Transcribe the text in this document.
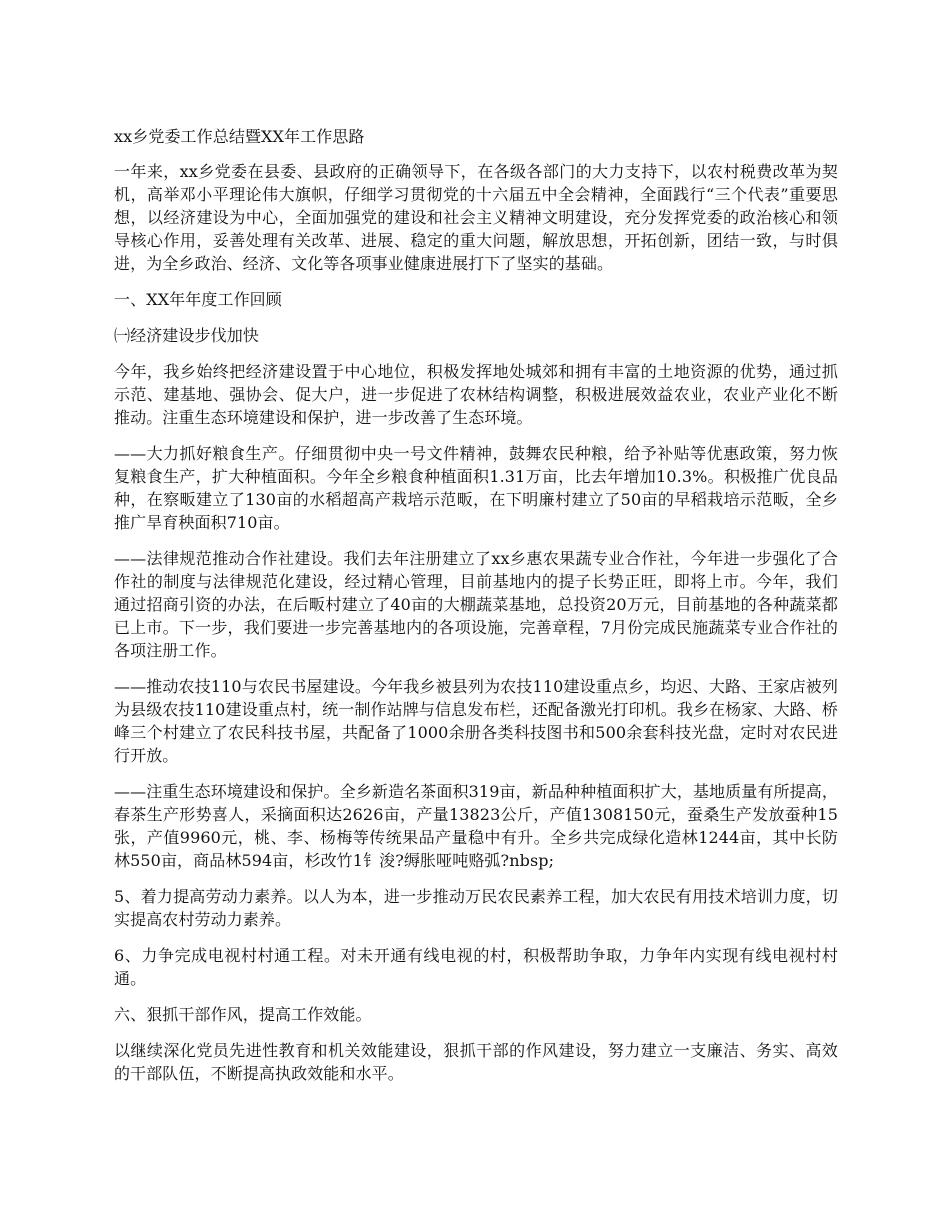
xx乡党委工作总结暨XX年工作思路

一年来，xx乡党委在县委、县政府的正确领导下，在各级各部门的大力支持下，以农村税费改革为契机，高举邓小平理论伟大旗帜，仔细学习贯彻党的十六届五中全会精神，全面践行“三个代表”重要思想，以经济建设为中心，全面加强党的建设和社会主义精神文明建设，充分发挥党委的政治核心和领导核心作用，妥善处理有关改革、进展、稳定的重大问题，解放思想，开拓创新，团结一致，与时俱进，为全乡政治、经济、文化等各项事业健康进展打下了坚实的基础。

一、XX年年度工作回顾

㈠经济建设步伐加快

今年，我乡始终把经济建设置于中心地位，积极发挥地处城郊和拥有丰富的土地资源的优势，通过抓示范、建基地、强协会、促大户，进一步促进了农林结构调整，积极进展效益农业，农业产业化不断推动。注重生态环境建设和保护，进一步改善了生态环境。

——大力抓好粮食生产。仔细贯彻中央一号文件精神，鼓舞农民种粮，给予补贴等优惠政策，努力恢复粮食生产，扩大种植面积。今年全乡粮食种植面积1.31万亩，比去年增加10.3%。积极推广优良品种，在察畈建立了130亩的水稻超高产栽培示范畈，在下明廉村建立了50亩的早稻栽培示范畈，全乡推广旱育秧面积710亩。

——法律规范推动合作社建设。我们去年注册建立了xx乡惠农果蔬专业合作社，今年进一步强化了合作社的制度与法律规范化建设，经过精心管理，目前基地内的提子长势正旺，即将上市。今年，我们通过招商引资的办法，在后畈村建立了40亩的大棚蔬菜基地，总投资20万元，目前基地的各种蔬菜都已上市。下一步，我们要进一步完善基地内的各项设施，完善章程，7月份完成民施蔬菜专业合作社的各项注册工作。

——推动农技110与农民书屋建设。今年我乡被县列为农技110建设重点乡，均迟、大路、王家店被列为县级农技110建设重点村，统一制作站牌与信息发布栏，还配备激光打印机。我乡在杨家、大路、桥峰三个村建立了农民科技书屋，共配备了1000余册各类科技图书和500余套科技光盘，定时对农民进行开放。

——注重生态环境建设和保护。全乡新造名茶面积319亩，新品种种植面积扩大，基地质量有所提高，春茶生产形势喜人，采摘面积达2626亩，产量13823公斤，产值1308150元，蚕桑生产发放蚕种15张，产值9960元，桃、李、杨梅等传统果品产量稳中有升。全乡共完成绿化造林1244亩，其中长防林550亩，商品林594亩，杉改竹1钅浚?缛胀哑吨赂弧?nbsp;

5、着力提高劳动力素养。以人为本，进一步推动万民农民素养工程，加大农民有用技术培训力度，切实提高农村劳动力素养。

6、力争完成电视村村通工程。对未开通有线电视的村，积极帮助争取，力争年内实现有线电视村村通。

六、狠抓干部作风，提高工作效能。

以继续深化党员先进性教育和机关效能建设，狠抓干部的作风建设，努力建立一支廉洁、务实、高效的干部队伍，不断提高执政效能和水平。
